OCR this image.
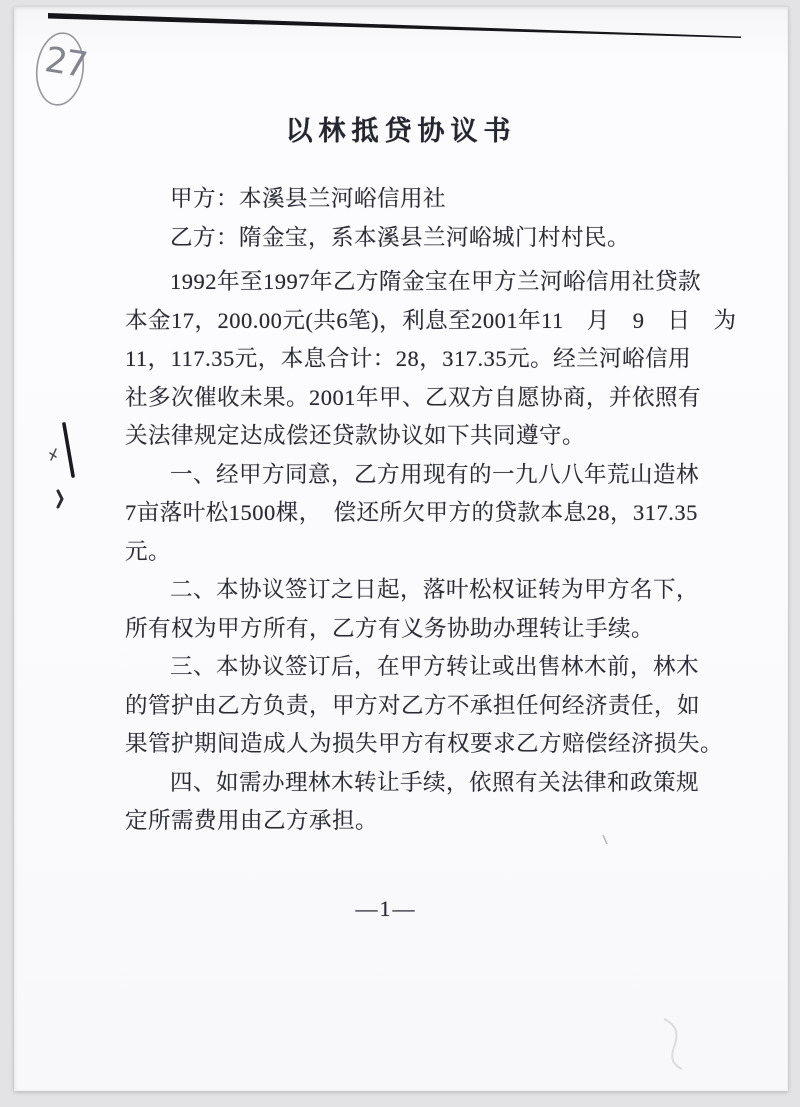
27
以林抵贷协议书
甲方：本溪县兰河峪信用社
乙方：隋金宝，系本溪县兰河峪城门村村民。
1992年至1997年乙方隋金宝在甲方兰河峪信用社贷款
本金17，200.00元(共6笔)，利息至2001年11　月　9　日　为
11，117.35元，本息合计：28，317.35元。经兰河峪信用
社多次催收未果。2001年甲、乙双方自愿协商，并依照有
关法律规定达成偿还贷款协议如下共同遵守。
一、经甲方同意，乙方用现有的一九八八年荒山造林
7亩落叶松1500棵，　偿还所欠甲方的贷款本息28，317.35
元。
二、本协议签订之日起，落叶松权证转为甲方名下，
所有权为甲方所有，乙方有义务协助办理转让手续。
三、本协议签订后，在甲方转让或出售林木前，林木
的管护由乙方负责，甲方对乙方不承担任何经济责任，如
果管护期间造成人为损失甲方有权要求乙方赔偿经济损失。
四、如需办理林木转让手续，依照有关法律和政策规
定所需费用由乙方承担。
—1—
